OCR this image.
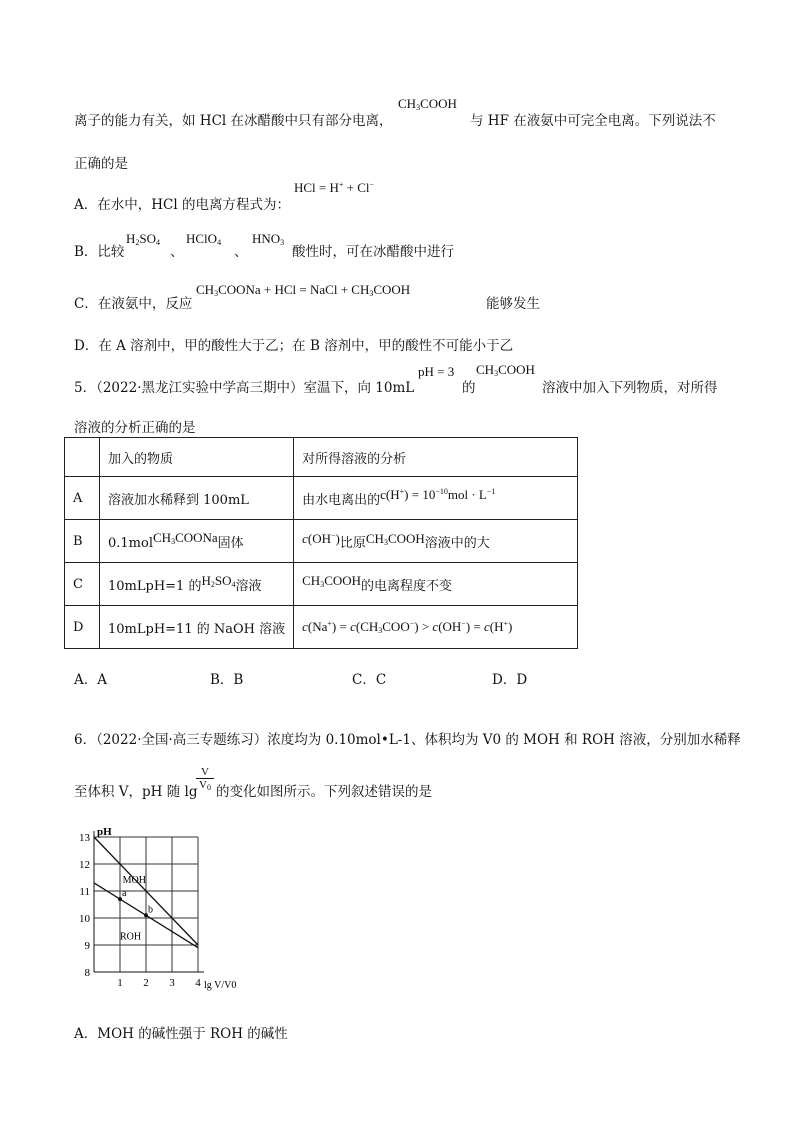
离子的能力有关，如 HCl 在冰醋酸中只有部分电离，
$CH_3COOH$
与 HF 在液氨中可完全电离。下列说法不
正确的是
A．在水中，HCl 的电离方程式为：
HCl = H+ + Cl−
B．比较
$H_2SO_4$
、
HClO$_4$
、
$HNO_3$
酸性时，可在冰醋酸中进行
C．在液氨中，反应
$CH_3COONa$ + HCl = NaCl + $CH_3COOH$
能够发生
D．在 A 溶剂中，甲的酸性大于乙；在 B 溶剂中，甲的酸性不可能小于乙
5．（2022·黑龙江实验中学高三期中）室温下，向 10mL
pH = 3
的
$CH_3COOH$
溶液中加入下列物质，对所得
溶液的分析正确的是
	加入的物质	对所得溶液的分析
A	溶液加水稀释到 100mL	由水电离出的$c(H^+) = 10^{-10}mol \cdot L^{-1}$
B	0.1molCH$_3$COONa固体	c(OH−)比原$CH_3COOH$溶液中的大
C	10mLpH=1 的$H_2SO_4$溶液	$CH_3COOH$的电离程度不变
D	10mLpH=11 的 NaOH 溶液	$c(Na^+) = c(CH_3COO^-) > c(OH^-) = c(H^+)$
A．A	B．B	C．C	D．D
6．（2022·全国·高三专题练习）浓度均为 0.10mol•L-1、体积均为 V0 的 MOH 和 ROH 溶液，分别加水稀释
至体积 V，pH 随 lg
$\frac{V}{V_0}$ 的变化如图所示。下列叙述错误的是
8
9
10
11
12
13
1 2 3 4
pH
lg V/V0
MOH
ROH
a
b
A．MOH 的碱性强于 ROH 的碱性
